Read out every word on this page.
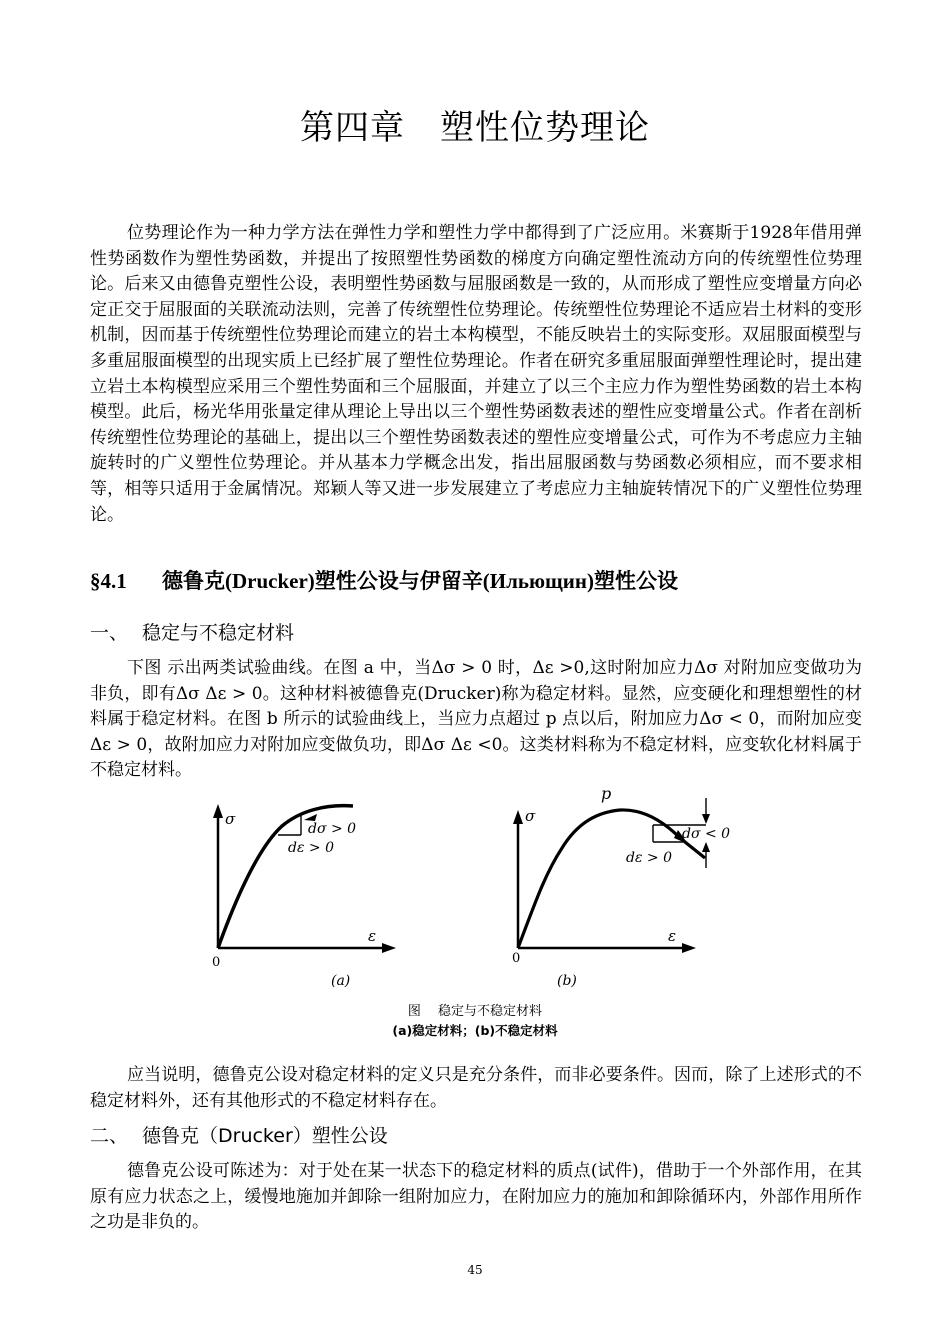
第四章　塑性位势理论

位势理论作为一种力学方法在弹性力学和塑性力学中都得到了广泛应用。米赛斯于1928年借用弹性势函数作为塑性势函数，并提出了按照塑性势函数的梯度方向确定塑性流动方向的传统塑性位势理论。后来又由德鲁克塑性公设，表明塑性势函数与屈服函数是一致的，从而形成了塑性应变增量方向必定正交于屈服面的关联流动法则，完善了传统塑性位势理论。传统塑性位势理论不适应岩土材料的变形机制，因而基于传统塑性位势理论而建立的岩土本构模型，不能反映岩土的实际变形。双屈服面模型与多重屈服面模型的出现实质上已经扩展了塑性位势理论。作者在研究多重屈服面弹塑性理论时，提出建立岩土本构模型应采用三个塑性势面和三个屈服面，并建立了以三个主应力作为塑性势函数的岩土本构模型。此后，杨光华用张量定律从理论上导出以三个塑性势函数表述的塑性应变增量公式。作者在剖析传统塑性位势理论的基础上，提出以三个塑性势函数表述的塑性应变增量公式，可作为不考虑应力主轴旋转时的广义塑性位势理论。并从基本力学概念出发，指出屈服函数与势函数必须相应，而不要求相等，相等只适用于金属情况。郑颖人等又进一步发展建立了考虑应力主轴旋转情况下的广义塑性位势理论。

§4.1 德鲁克(Drucker)塑性公设与伊留辛(Ильющин)塑性公设
一、 稳定与不稳定材料

下图 示出两类试验曲线。在图 a 中，当Δσ > 0 时，Δε >0,这时附加应力Δσ 对附加应变做功为非负，即有Δσ Δε > 0。这种材料被德鲁克(Drucker)称为稳定材料。显然，应变硬化和理想塑性的材料属于稳定材料。在图 b 所示的试验曲线上，当应力点超过 p 点以后，附加应力Δσ < 0，而附加应变 Δε > 0，故附加应力对附加应变做负功，即Δσ Δε <0。这类材料称为不稳定材料，应变软化材料属于不稳定材料。

σ
ε
0
dσ > 0
dε > 0
(a)
σ
ε
0
p
dσ < 0
dε > 0
(b)
图　 稳定与不稳定材料
(a)稳定材料；(b)不稳定材料

应当说明，德鲁克公设对稳定材料的定义只是充分条件，而非必要条件。因而，除了上述形式的不稳定材料外，还有其他形式的不稳定材料存在。

二、 德鲁克（Drucker）塑性公设

德鲁克公设可陈述为：对于处在某一状态下的稳定材料的质点(试件)，借助于一个外部作用，在其原有应力状态之上，缓慢地施加并卸除一组附加应力，在附加应力的施加和卸除循环内，外部作用所作之功是非负的。

45
